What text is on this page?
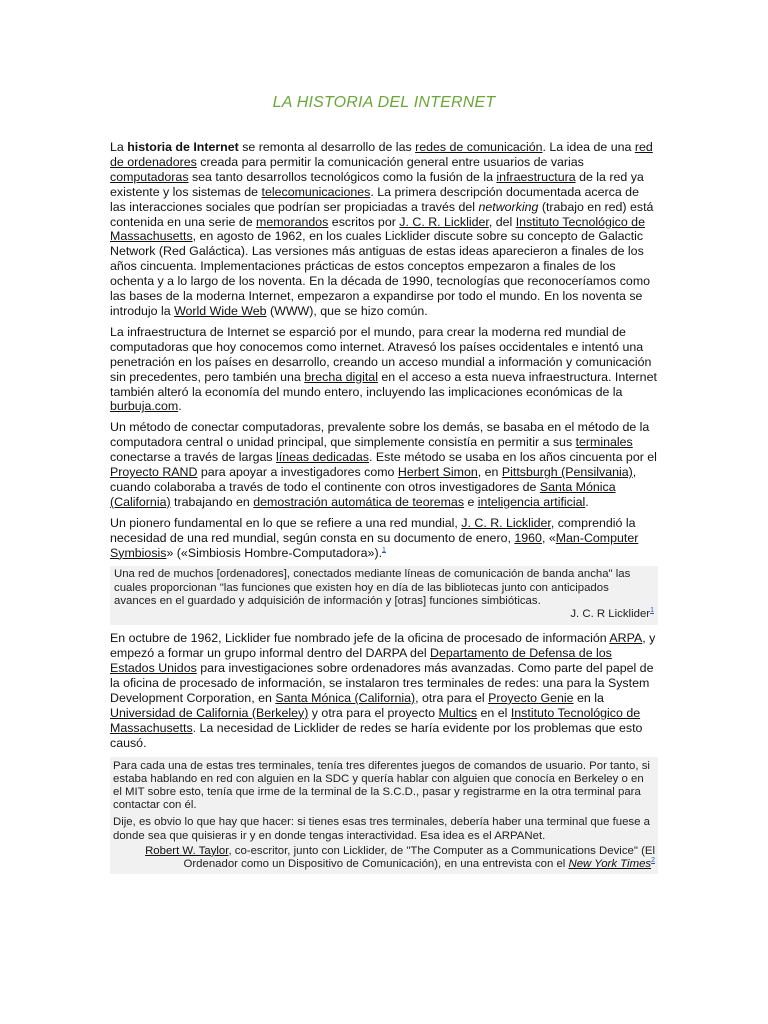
LA HISTORIA DEL INTERNET

La historia de Internet se remonta al desarrollo de las redes de comunicación. La idea de una red de ordenadores creada para permitir la comunicación general entre usuarios de varias computadoras sea tanto desarrollos tecnológicos como la fusión de la infraestructura de la red ya existente y los sistemas de telecomunicaciones. La primera descripción documentada acerca de las interacciones sociales que podrían ser propiciadas a través del networking (trabajo en red) está contenida en una serie de memorandos escritos por J. C. R. Licklider, del Instituto Tecnológico de Massachusetts, en agosto de 1962, en los cuales Licklider discute sobre su concepto de Galactic Network (Red Galáctica). Las versiones más antiguas de estas ideas aparecieron a finales de los años cincuenta. Implementaciones prácticas de estos conceptos empezaron a finales de los ochenta y a lo largo de los noventa. En la década de 1990, tecnologías que reconoceríamos como las bases de la moderna Internet, empezaron a expandirse por todo el mundo. En los noventa se introdujo la World Wide Web (WWW), que se hizo común.

La infraestructura de Internet se esparció por el mundo, para crear la moderna red mundial de computadoras que hoy conocemos como internet. Atravesó los países occidentales e intentó una penetración en los países en desarrollo, creando un acceso mundial a información y comunicación sin precedentes, pero también una brecha digital en el acceso a esta nueva infraestructura. Internet también alteró la economía del mundo entero, incluyendo las implicaciones económicas de la burbuja.com.

Un método de conectar computadoras, prevalente sobre los demás, se basaba en el método de la computadora central o unidad principal, que simplemente consistía en permitir a sus terminales conectarse a través de largas líneas dedicadas. Este método se usaba en los años cincuenta por el Proyecto RAND para apoyar a investigadores como Herbert Simon, en Pittsburgh (Pensilvania), cuando colaboraba a través de todo el continente con otros investigadores de Santa Mónica (California) trabajando en demostración automática de teoremas e inteligencia artificial.

Un pionero fundamental en lo que se refiere a una red mundial, J. C. R. Licklider, comprendió la necesidad de una red mundial, según consta en su documento de enero, 1960, «Man-Computer Symbiosis» («Simbiosis Hombre-Computadora»).$^1$

Una red de muchos [ordenadores], conectados mediante líneas de comunicación de banda ancha" las cuales proporcionan "las funciones que existen hoy en día de las bibliotecas junto con anticipados avances en el guardado y adquisición de información y [otras] funciones simbióticas.
J. C. R Licklider$^1$

En octubre de 1962, Licklider fue nombrado jefe de la oficina de procesado de información ARPA, y empezó a formar un grupo informal dentro del DARPA del Departamento de Defensa de los Estados Unidos para investigaciones sobre ordenadores más avanzadas. Como parte del papel de la oficina de procesado de información, se instalaron tres terminales de redes: una para la System Development Corporation, en Santa Mónica (California), otra para el Proyecto Genie en la Universidad de California (Berkeley) y otra para el proyecto Multics en el Instituto Tecnológico de Massachusetts. La necesidad de Licklider de redes se haría evidente por los problemas que esto causó.

Para cada una de estas tres terminales, tenía tres diferentes juegos de comandos de usuario. Por tanto, si estaba hablando en red con alguien en la SDC y quería hablar con alguien que conocía en Berkeley o en el MIT sobre esto, tenía que irme de la terminal de la S.C.D., pasar y registrarme en la otra terminal para contactar con él.

Dije, es obvio lo que hay que hacer: si tienes esas tres terminales, debería haber una terminal que fuese a donde sea que quisieras ir y en donde tengas interactividad. Esa idea es el ARPANet.

Robert W. Taylor, co-escritor, junto con Licklider, de "The Computer as a Communications Device" (El Ordenador como un Dispositivo de Comunicación), en una entrevista con el New York Times$^2$
